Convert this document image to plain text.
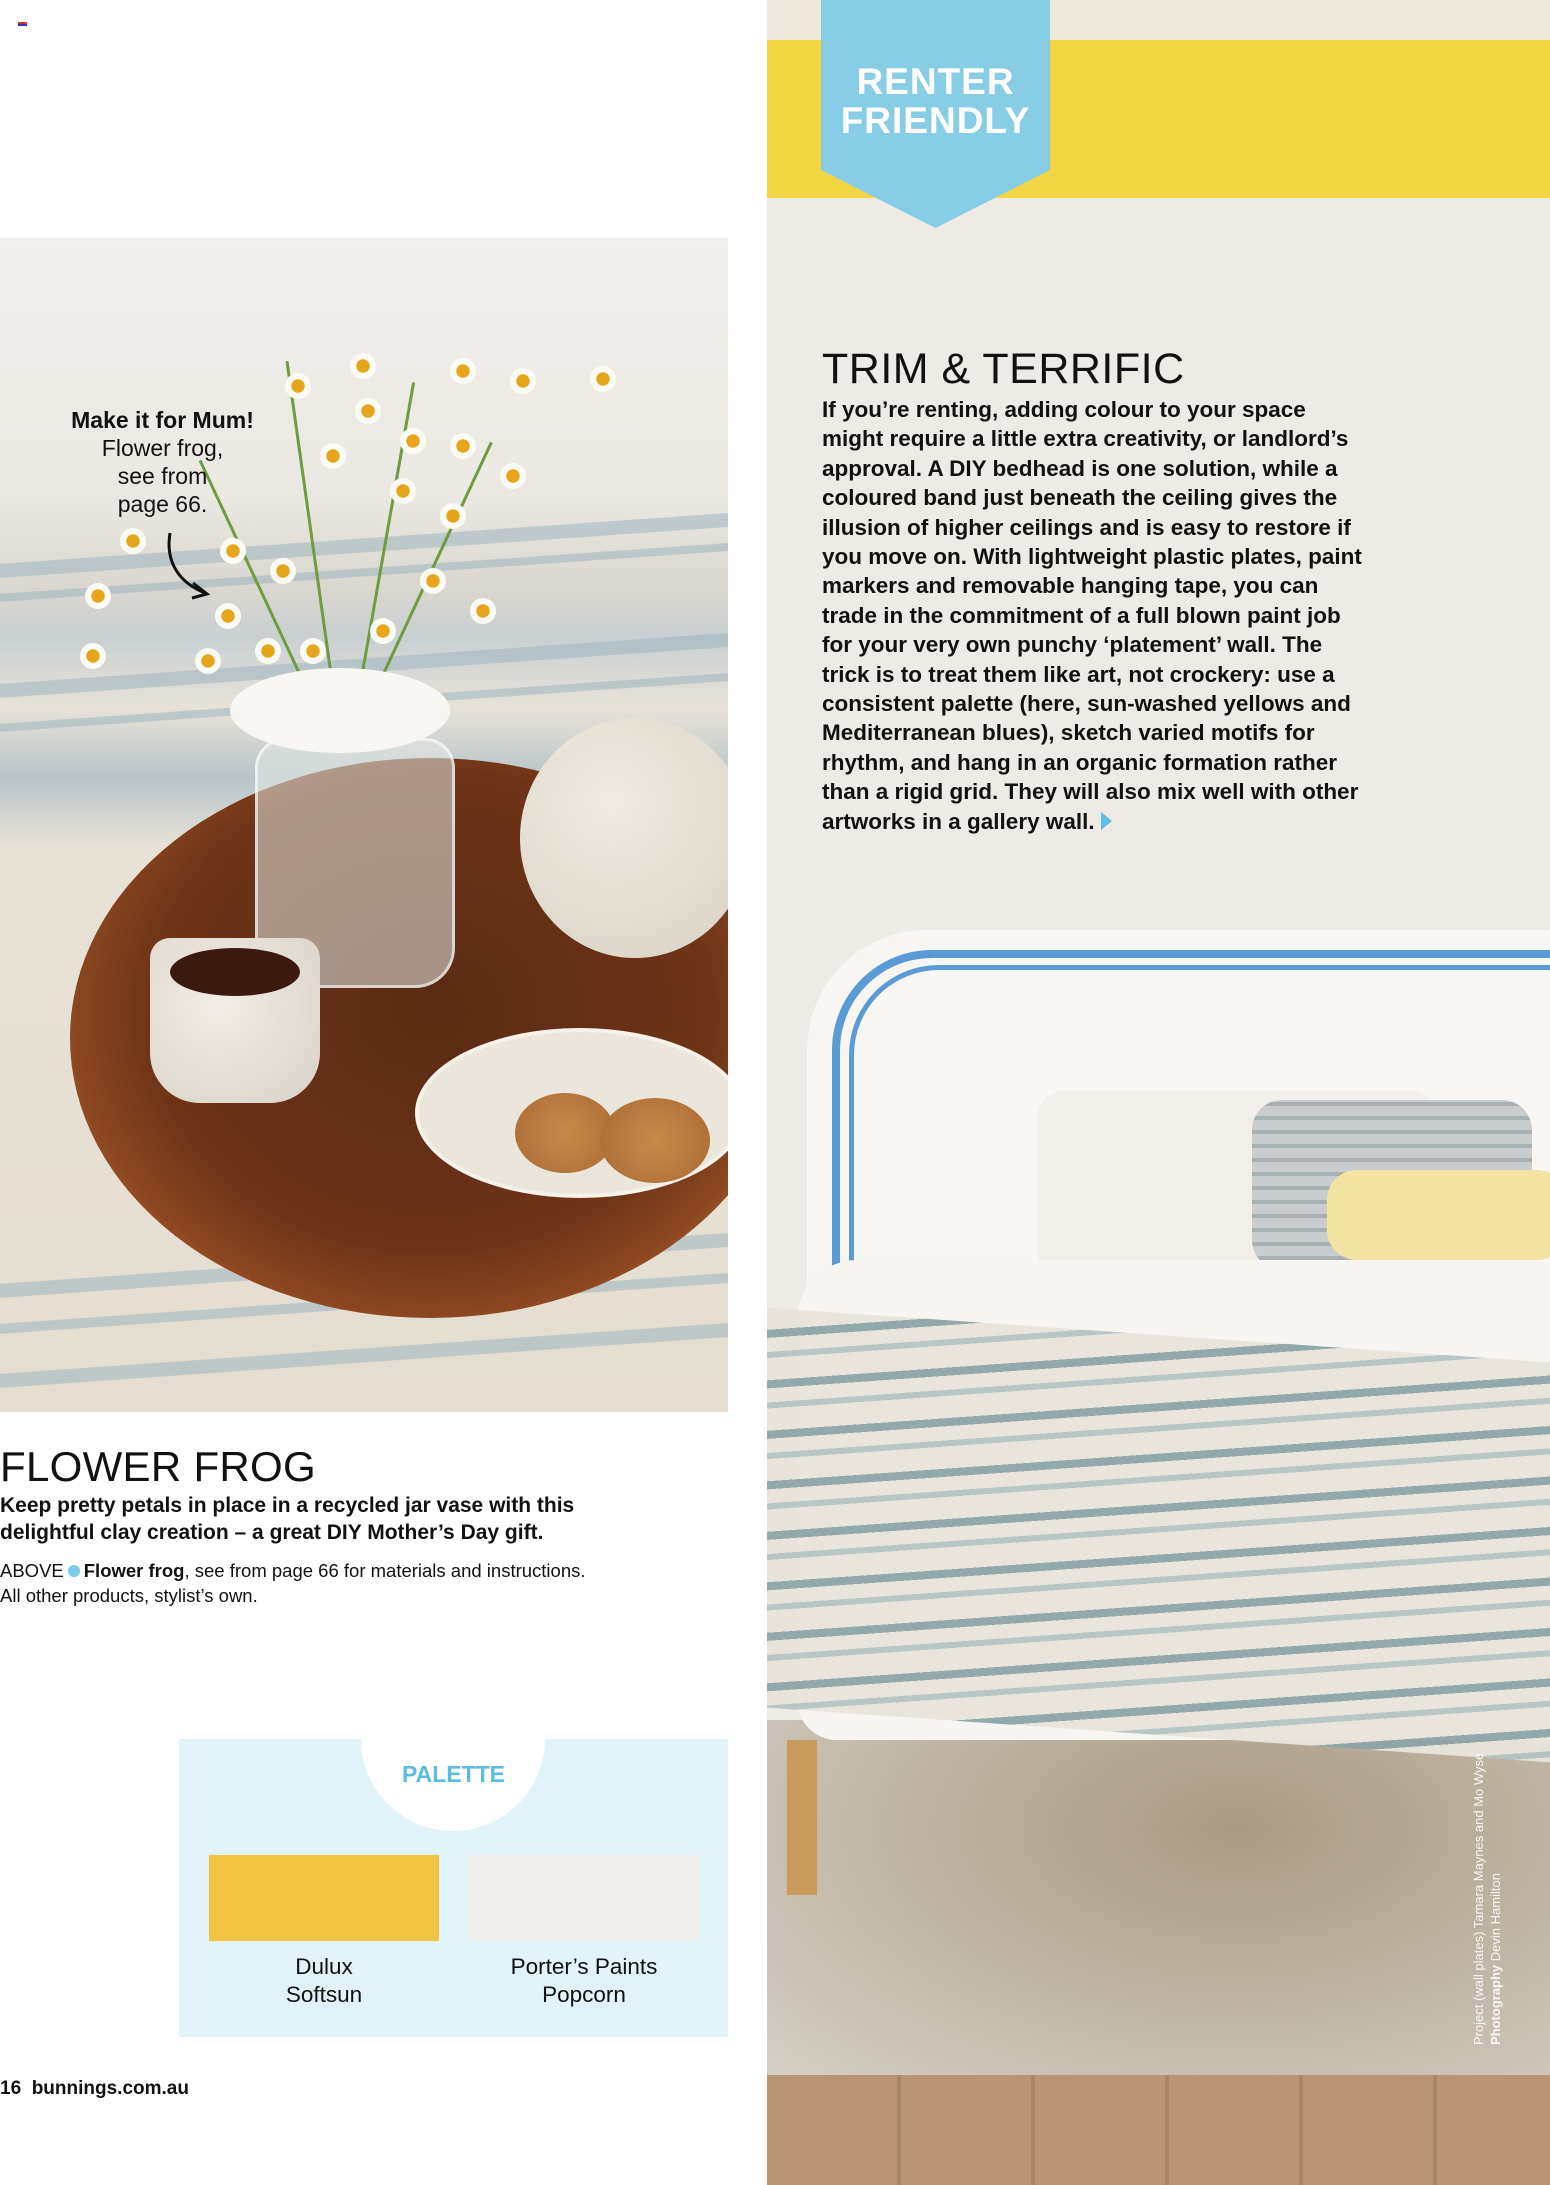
Make it for Mum!
Flower frog,
see from
page 66.
RENTER
FRIENDLY
TRIM & TERRIFIC

If you’re renting, adding colour to your space might require a little extra creativity, or landlord’s approval. A DIY bedhead is one solution, while a coloured band just beneath the ceiling gives the illusion of higher ceilings and is easy to restore if you move on. With lightweight plastic plates, paint markers and removable hanging tape, you can trade in the commitment of a full blown paint job for your very own punchy ‘platement’ wall. The trick is to treat them like art, not crockery: use a consistent palette (here, sun-washed yellows and Mediterranean blues), sketch varied motifs for rhythm, and hang in an organic formation rather than a rigid grid. They will also mix well with other artworks in a gallery wall.

Project (wall plates) Tamara Maynes and Mo Wyse Photography Devin Hamilton
FLOWER FROG

Keep pretty petals in place in a recycled jar vase with this delightful clay creation – a great DIY Mother’s Day gift.

ABOVE Flower frog, see from page 66 for materials and instructions.
All other products, stylist’s own.

PALETTE
Dulux
Softsun
Porter’s Paints
Popcorn
16 bunnings.com.au
